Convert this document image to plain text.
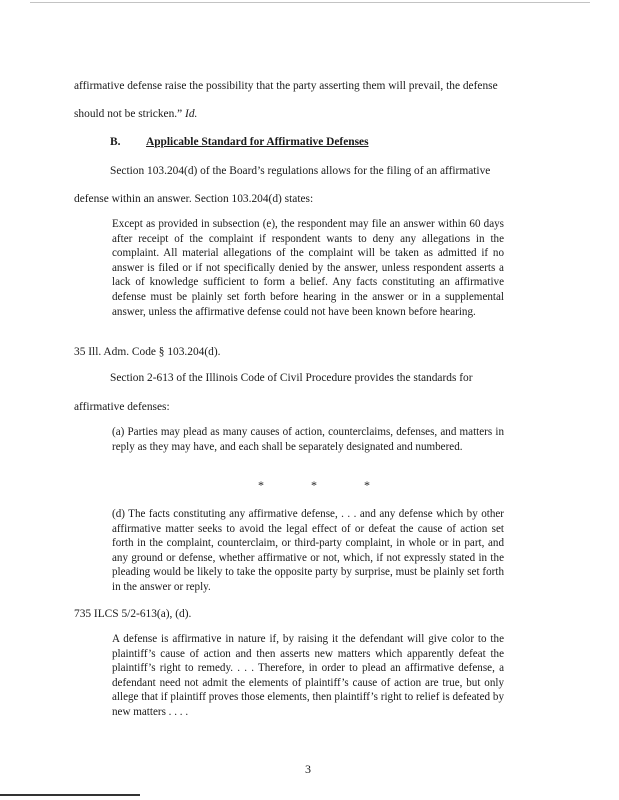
affirmative defense raise the possibility that the party asserting them will prevail, the defense
should not be stricken.” Id.
B. Applicable Standard for Affirmative Defenses
Section 103.204(d) of the Board’s regulations allows for the filing of an affirmative
defense within an answer. Section 103.204(d) states:

Except as provided in subsection (e), the respondent may file an answer within 60 days after receipt of the complaint if respondent wants to deny any allegations in the complaint. All material allegations of the complaint will be taken as admitted if no answer is filed or if not specifically denied by the answer, unless respondent asserts a lack of knowledge sufficient to form a belief. Any facts constituting an affirmative defense must be plainly set forth before hearing in the answer or in a supplemental answer, unless the affirmative defense could not have been known before hearing.

35 Ill. Adm. Code § 103.204(d).
Section 2-613 of the Illinois Code of Civil Procedure provides the standards for
affirmative defenses:

(a) Parties may plead as many causes of action, counterclaims, defenses, and matters in reply as they may have, and each shall be separately designated and numbered.

* * *

(d) The facts constituting any affirmative defense, . . . and any defense which by other affirmative matter seeks to avoid the legal effect of or defeat the cause of action set forth in the complaint, counterclaim, or third-party complaint, in whole or in part, and any ground or defense, whether affirmative or not, which, if not expressly stated in the pleading would be likely to take the opposite party by surprise, must be plainly set forth in the answer or reply.

735 ILCS 5/2-613(a), (d).

A defense is affirmative in nature if, by raising it the defendant will give color to the plaintiff’s cause of action and then asserts new matters which apparently defeat the plaintiff’s right to remedy. . . . Therefore, in order to plead an affirmative defense, a defendant need not admit the elements of plaintiff’s cause of action are true, but only allege that if plaintiff proves those elements, then plaintiff’s right to relief is defeated by new matters . . . .

3
